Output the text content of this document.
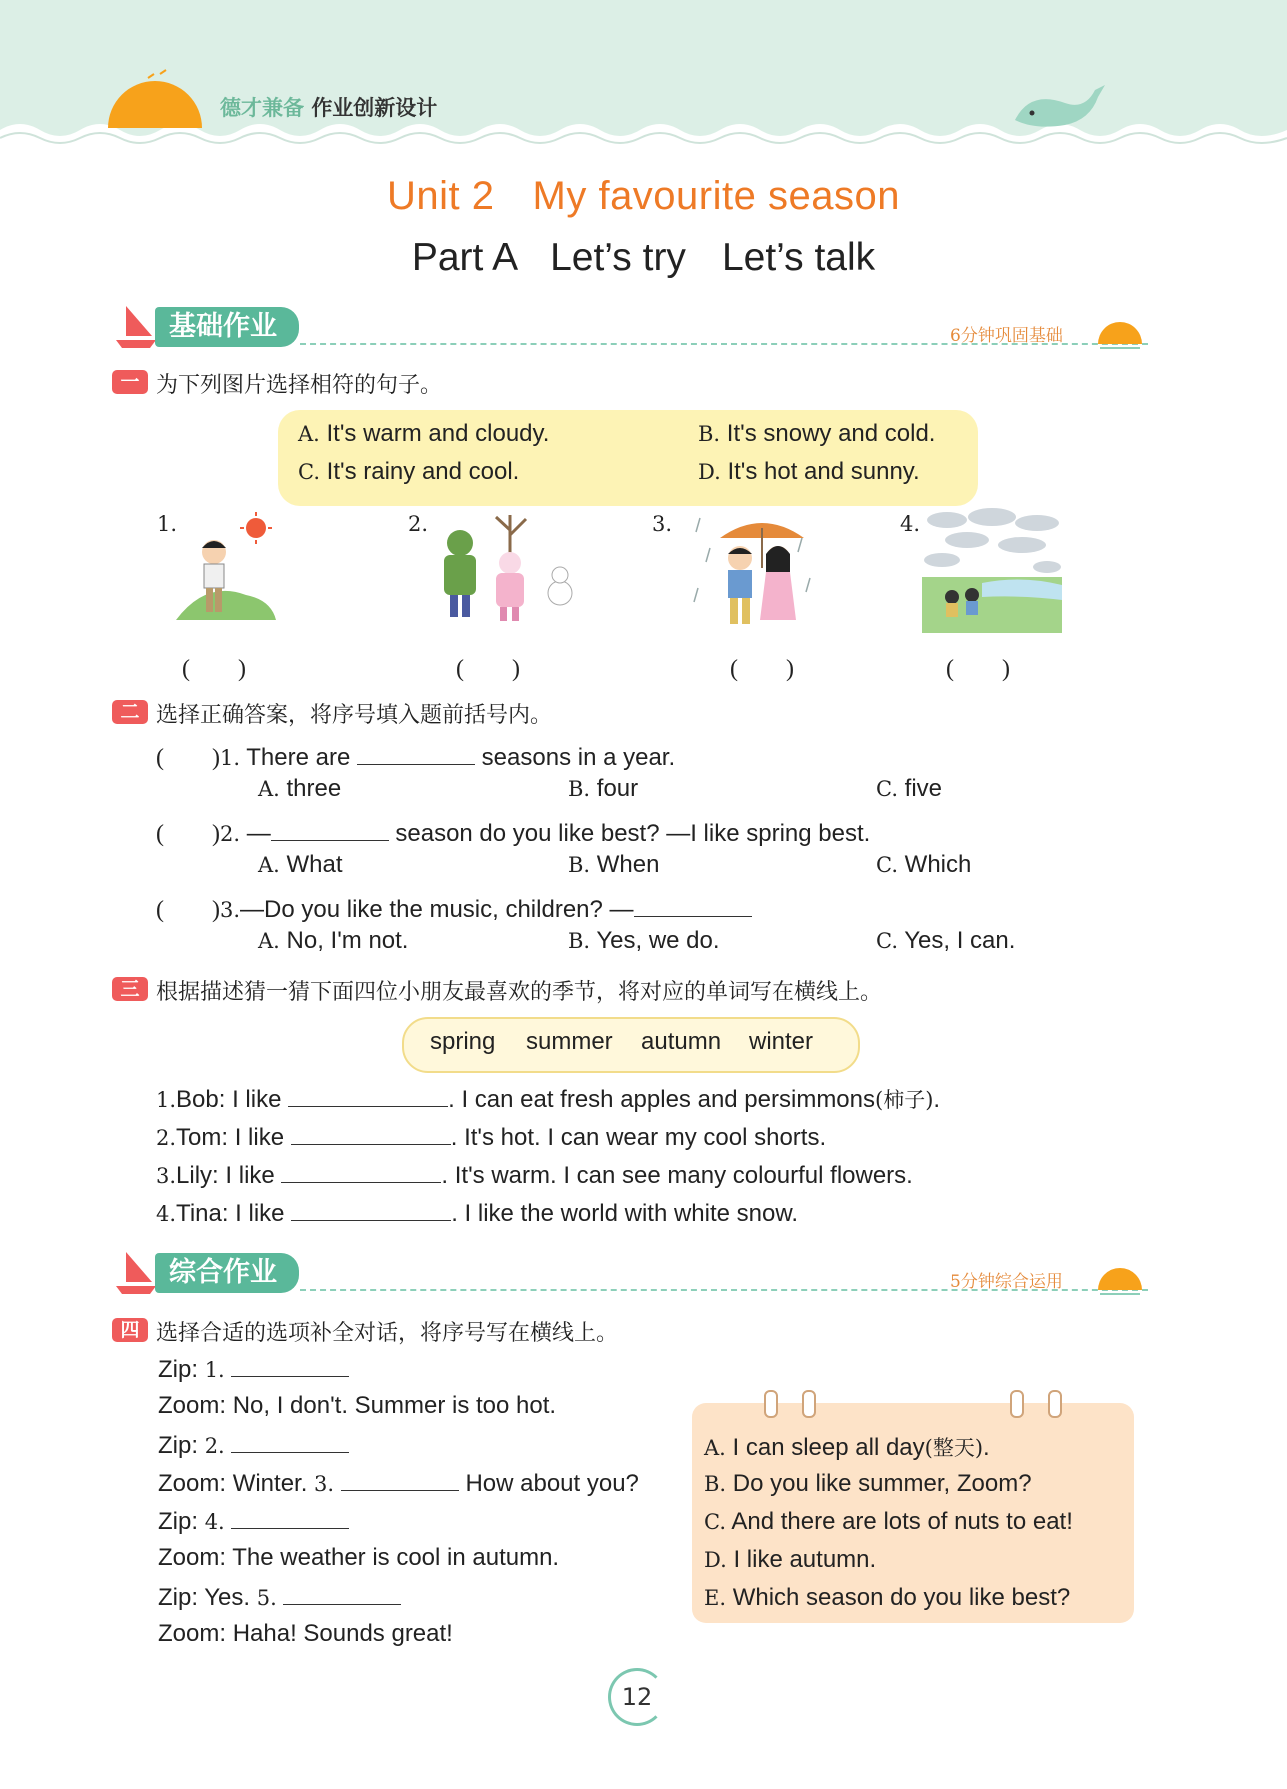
德才兼备 作业创新设计
Unit 2 My favourite season
Part A Let’s try Let’s talk
基础作业	6分钟巩固基础
一 为下列图片选择相符的句子。
A. It's warm and cloudy.	B. It's snowy and cold.
C. It's rainy and cool.	D. It's hot and sunny.
1.
(　　)
2.
(　　)
3.
(　　)
4.
(　　)
二 选择正确答案，将序号填入题前括号内。
(　　)1. There are	seasons in a year.
A. three	B. four	C. five
(　　)2. —	season do you like best? —I like spring best.
A. What	B. When	C. Which
(　　)3.—Do you like the music, children? —
A. No, I'm not.	B. Yes, we do.	C. Yes, I can.
三 根据描述猜一猜下面四位小朋友最喜欢的季节，将对应的单词写在横线上。
spring summer autumn winter
1.Bob: I like	. I can eat fresh apples and persimmons(柿子).
2.Tom: I like	. It's hot. I can wear my cool shorts.
3.Lily: I like	. It's warm. I can see many colourful flowers.
4.Tina: I like	. I like the world with white snow.
综合作业	5分钟综合运用
四 选择合适的选项补全对话，将序号写在横线上。
Zip: 1.
Zoom: No, I don't. Summer is too hot.
Zip: 2.
Zoom: Winter. 3.	How about you?
Zip: 4.
Zoom: The weather is cool in autumn.
Zip: Yes. 5.
Zoom: Haha! Sounds great!
A. I can sleep all day(整天).
B. Do you like summer, Zoom?
C. And there are lots of nuts to eat!
D. I like autumn.
E. Which season do you like best?
12
